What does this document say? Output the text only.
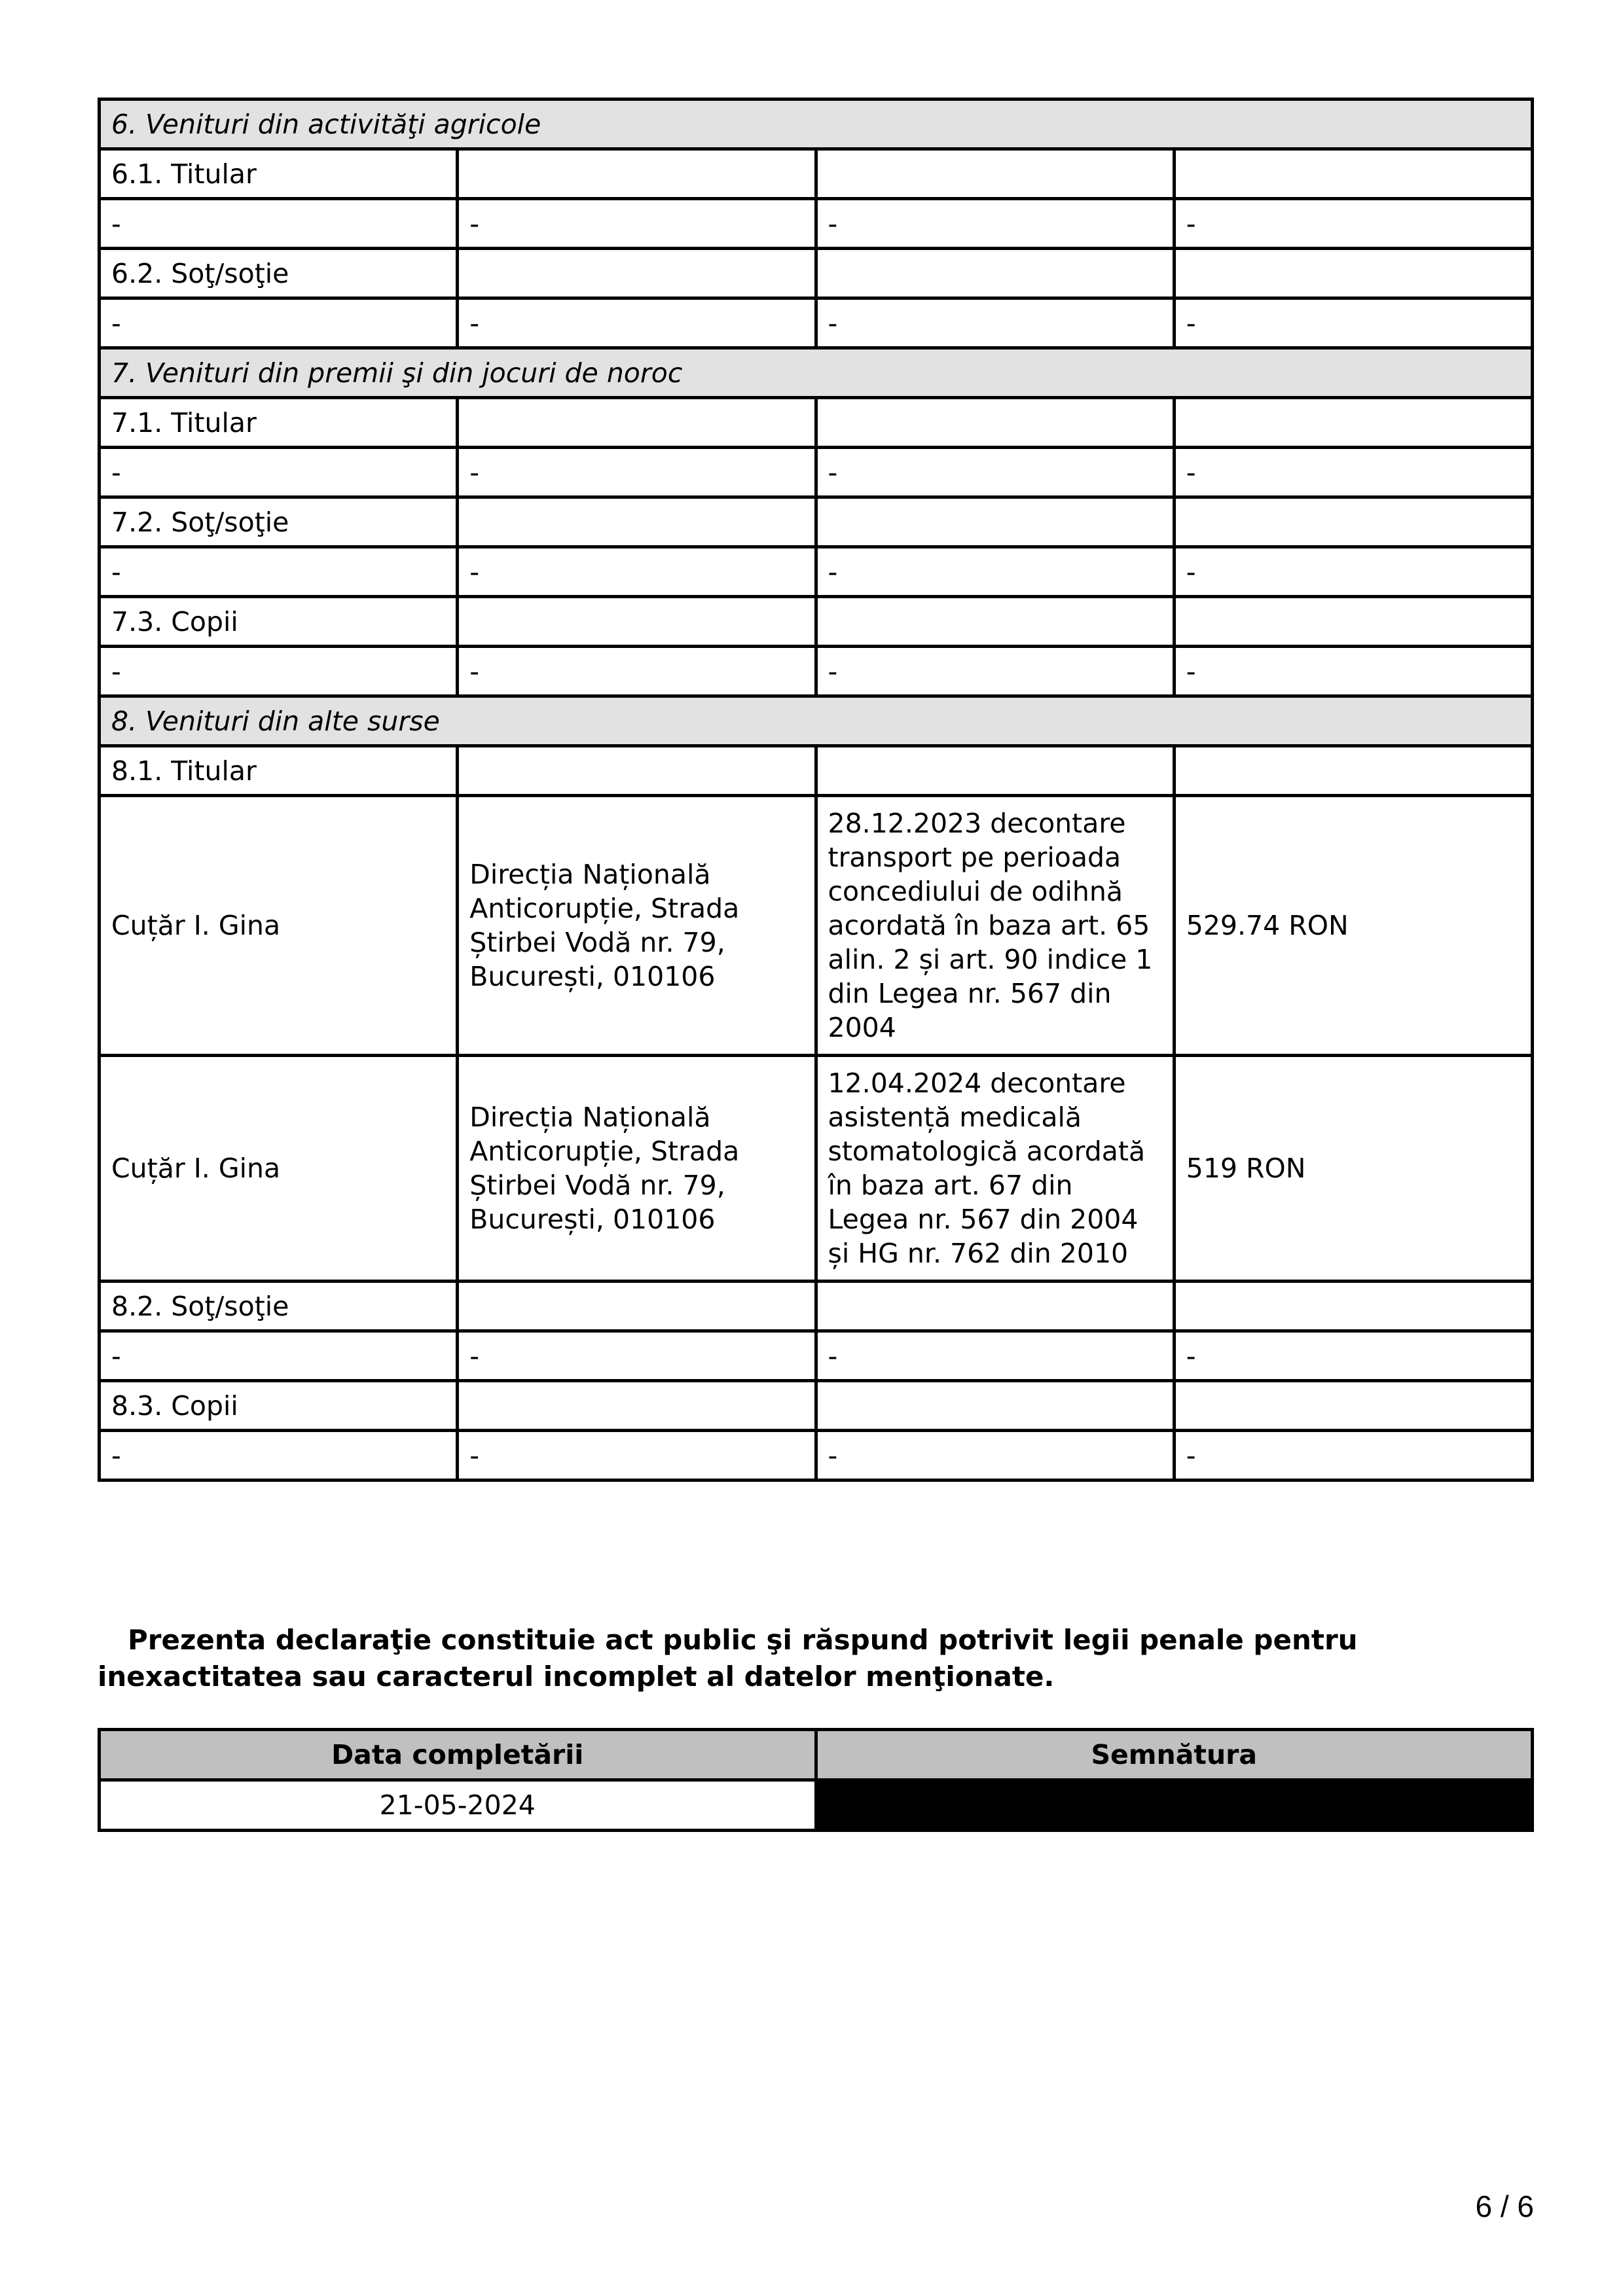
6. Venituri din activităţi agricole			
6.1. Titular			
-	-	-	-
6.2. Soţ/soţie			
-	-	-	-
7. Venituri din premii şi din jocuri de noroc			
7.1. Titular			
-	-	-	-
7.2. Soţ/soţie			
-	-	-	-
7.3. Copii			
-	-	-	-
8. Venituri din alte surse			
8.1. Titular			
Cuțăr I. Gina	Direcția Națională Anticorupție, Strada Știrbei Vodă nr. 79, București, 010106	28.12.2023 decontare transport pe perioada concediului de odihnă acordată în baza art. 65 alin. 2 și art. 90 indice 1 din Legea nr. 567 din 2004	529.74 RON
Cuțăr I. Gina	Direcția Națională Anticorupție, Strada Știrbei Vodă nr. 79, București, 010106	12.04.2024 decontare asistență medicală stomatologică acordată în baza art. 67 din Legea nr. 567 din 2004 și HG nr. 762 din 2010	519 RON
8.2. Soţ/soţie			
-	-	-	-
8.3. Copii			
-	-	-	-

Prezenta declaraţie constituie act public şi răspund potrivit legii penale pentru inexactitatea sau caracterul incomplet al datelor menţionate.

Data completării	Semnătura
21-05-2024	
6 / 6
